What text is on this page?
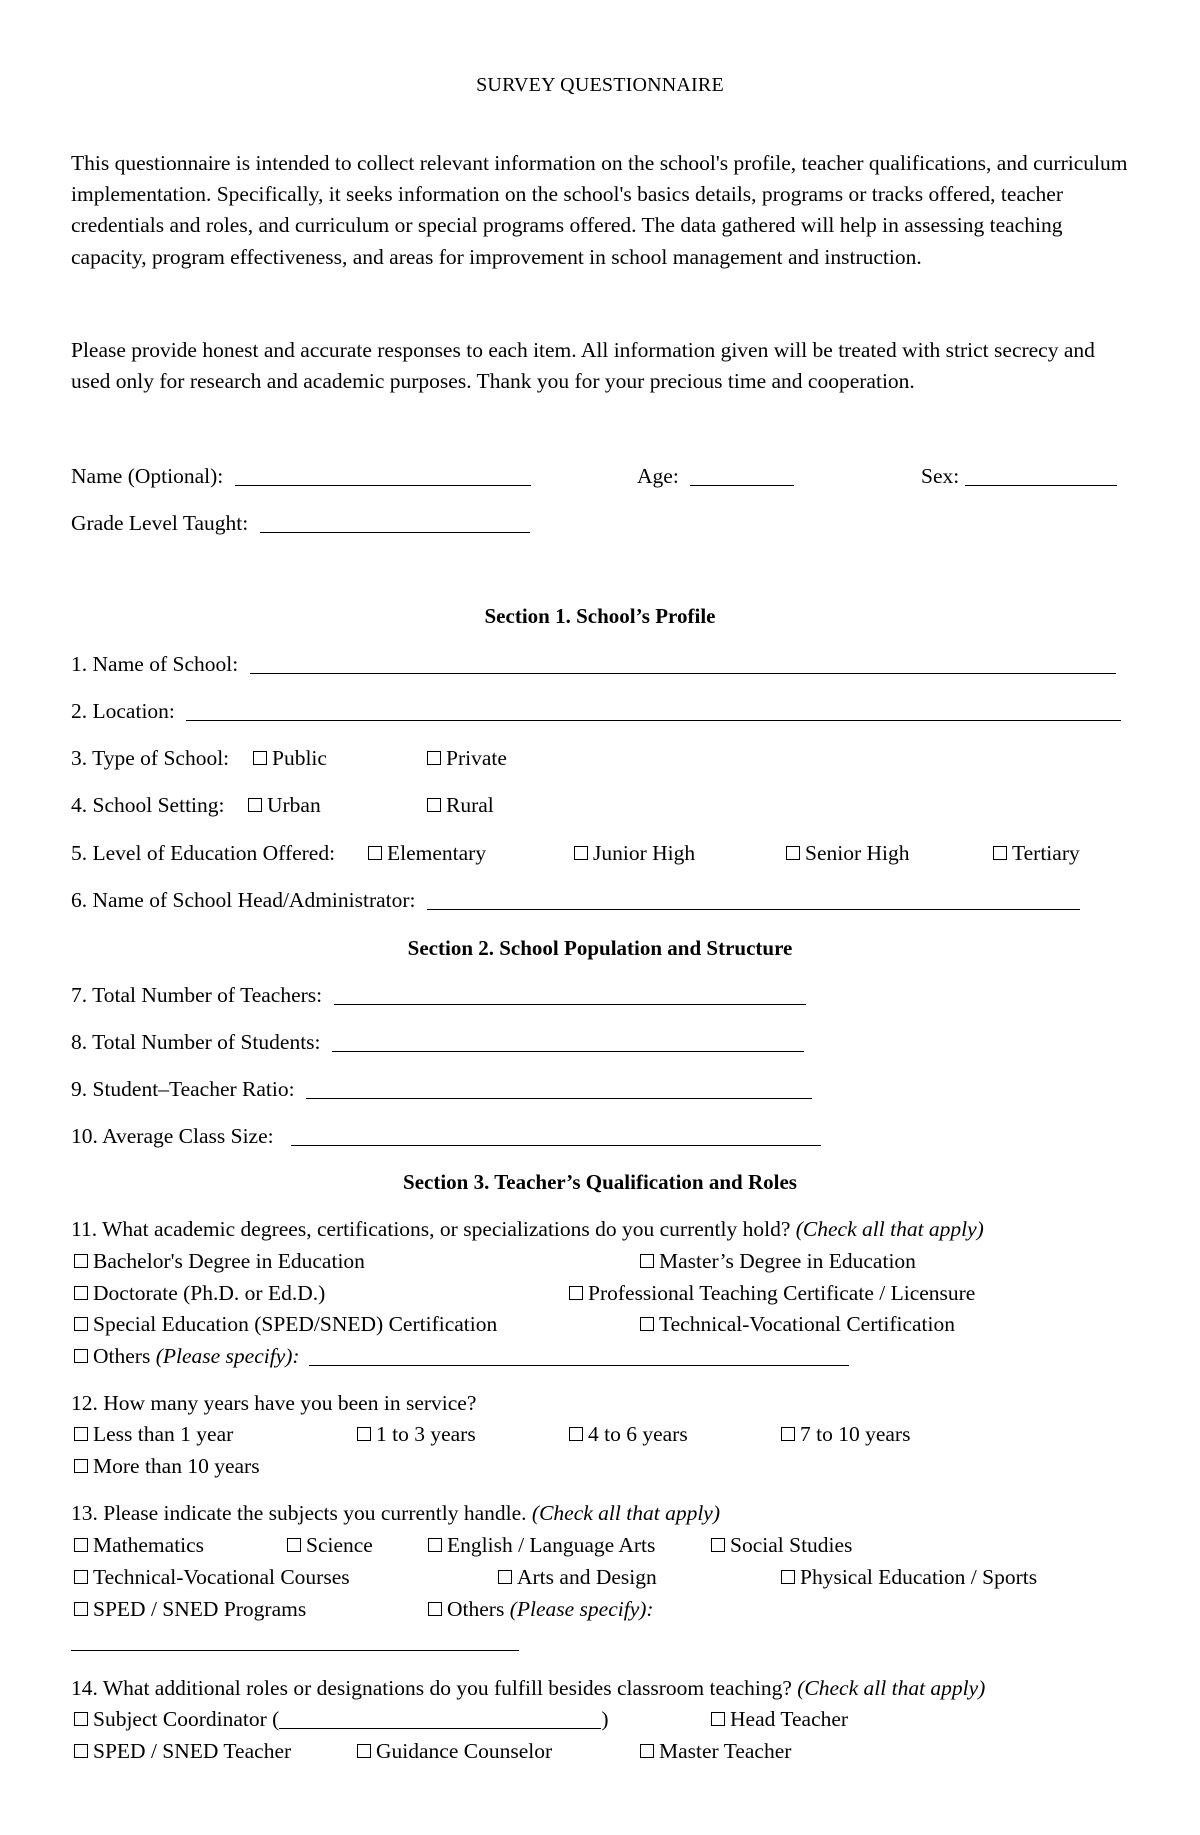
SURVEY QUESTIONNAIRE
This questionnaire is intended to collect relevant information on the school's profile, teacher qualifications, and curriculum implementation. Specifically, it seeks information on the school's basics details, programs or tracks offered, teacher credentials and roles, and curriculum or special programs offered. The data gathered will help in assessing teaching capacity, program effectiveness, and areas for improvement in school management and instruction.
Please provide honest and accurate responses to each item. All information given will be treated with strict secrecy and used only for research and academic purposes. Thank you for your precious time and cooperation.
Name (Optional):	Age:	Sex:
Grade Level Taught:
Section 1. School’s Profile
1. Name of School:
2. Location:
3. Type of School:	Public	Private
4. School Setting:	Urban	Rural
5. Level of Education Offered:	Elementary	Junior High	Senior High	Tertiary
6. Name of School Head/Administrator:
Section 2. School Population and Structure
7. Total Number of Teachers:
8. Total Number of Students:
9. Student–Teacher Ratio:
10. Average Class Size:
Section 3. Teacher’s Qualification and Roles
11. What academic degrees, certifications, or specializations do you currently hold? (Check all that apply)
Bachelor's Degree in Education	Master’s Degree in Education
Doctorate (Ph.D. or Ed.D.)	Professional Teaching Certificate / Licensure
Special Education (SPED/SNED) Certification	Technical-Vocational Certification
Others (Please specify):
12. How many years have you been in service?
Less than 1 year	1 to 3 years	4 to 6 years	7 to 10 years
More than 10 years
13. Please indicate the subjects you currently handle. (Check all that apply)
Mathematics	Science	English / Language Arts	Social Studies
Technical-Vocational Courses	Arts and Design	Physical Education / Sports
SPED / SNED Programs	Others (Please specify):
14. What additional roles or designations do you fulfill besides classroom teaching? (Check all that apply)
Subject Coordinator (	)	Head Teacher
SPED / SNED Teacher	Guidance Counselor	Master Teacher
